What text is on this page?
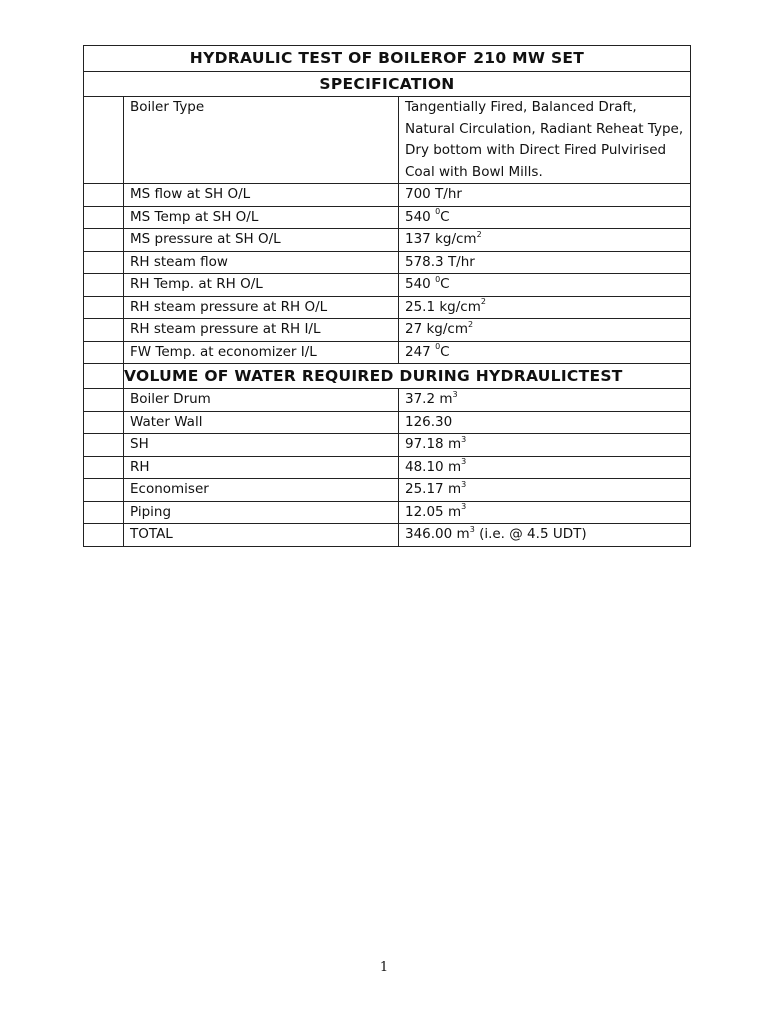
HYDRAULIC TEST OF BOILEROF 210 MW SET		
SPECIFICATION		
	Boiler Type	Tangentially Fired, Balanced Draft, Natural Circulation, Radiant Reheat Type, Dry bottom with Direct Fired Pulvirised Coal with Bowl Mills.
	MS flow at SH O/L	700 T/hr
	MS Temp at SH O/L	540 $^0$C
	MS pressure at SH O/L	137 $kg/cm^2$
	RH steam flow	578.3 T/hr
	RH Temp. at RH O/L	540 $^0$C
	RH steam pressure at RH O/L	25.1 $kg/cm^2$
	RH steam pressure at RH I/L	27 $kg/cm^2$
	FW Temp. at economizer I/L	247 $^0$C
	VOLUME OF WATER REQUIRED DURING HYDRAULICTEST	
	Boiler Drum	37.2 $m^3$
	Water Wall	126.30
	SH	97.18 $m^3$
	RH	48.10 $m^3$
	Economiser	25.17 $m^3$
	Piping	12.05 $m^3$
	TOTAL	346.00 $m^3$ (i.e. @ 4.5 UDT)
1
